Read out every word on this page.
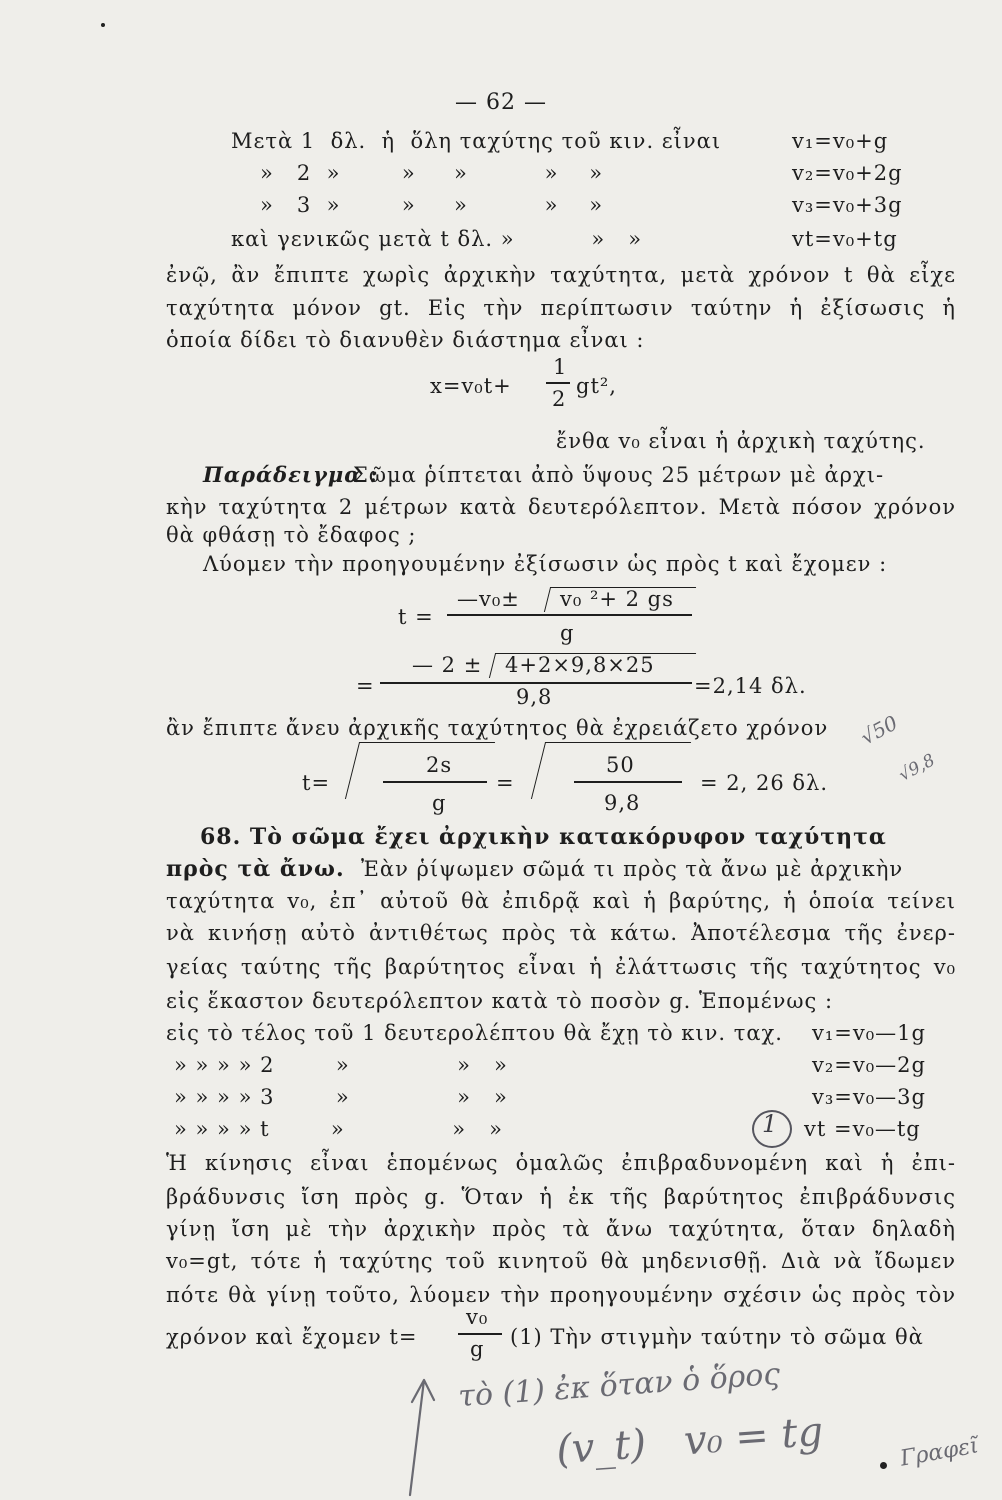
— 62 —
Μετὰ 1  δλ.  ἡ  ὅλη ταχύτης τοῦ κιν. εἶναι	v₁=v₀+g
»   2  »        »     »          »    »	v₂=v₀+2g
»   3  »        »     »          »    »	v₃=v₀+3g
καὶ γενικῶς μετὰ t δλ. »          »   »	vt=v₀+tg
ἐνῷ, ἂν ἔπιπτε χωρὶς ἀρχικὴν ταχύτητα, μετὰ χρόνον t θὰ εἶχε
ταχύτητα μόνον gt. Εἰς τὴν περίπτωσιν ταύτην ἡ ἐξίσωσις ἡ
ὁποία δίδει τὸ διανυθὲν διάστημα εἶναι :
x=v₀t+
1
2
gt²,
ἔνθα v₀ εἶναι ἡ ἀρχικὴ ταχύτης.
Παράδειγμα :
Σῶμα ῥίπτεται ἀπὸ ὕψους 25 μέτρων μὲ ἀρχι-
κὴν ταχύτητα 2 μέτρων κατὰ δευτερόλεπτον. Μετὰ πόσον χρόνον
θὰ φθάσῃ τὸ ἔδαφος ;
Λύομεν τὴν προηγουμένην ἐξίσωσιν ὡς πρὸς t καὶ ἔχομεν :
t =
—v₀± v₀ ²+ 2 gs
g
=
— 2 ± 4+2×9,8×25
9,8	=2,14 δλ.
ἂν ἔπιπτε ἄνευ ἀρχικῆς ταχύτητος θὰ ἐχρειάζετο χρόνον
t=
2s
g
=
50
9,8
= 2, 26 δλ.
68. Τὸ σῶμα ἔχει ἀρχικὴν κατακόρυφον ταχύτητα
πρὸς τὰ ἄνω. Ἐὰν ῥίψωμεν σῶμά τι πρὸς τὰ ἄνω μὲ ἀρχικὴν
ταχύτητα v₀, ἐπ᾿ αὐτοῦ θὰ ἐπιδρᾷ καὶ ἡ βαρύτης, ἡ ὁποία τείνει
νὰ κινήσῃ αὐτὸ ἀντιθέτως πρὸς τὰ κάτω. Ἀποτέλεσμα τῆς ἐνερ-
γείας ταύτης τῆς βαρύτητος εἶναι ἡ ἐλάττωσις τῆς ταχύτητος v₀
εἰς ἕκαστον δευτερόλεπτον κατὰ τὸ ποσὸν g. Ἑπομένως :
εἰς τὸ τέλος τοῦ 1 δευτερολέπτου θὰ ἔχῃ τὸ κιν. ταχ. v₁=v₀—1g
» » » » 2        »              »   »	v₂=v₀—2g
» » » » 3        »              »   »	v₃=v₀—3g
» » » » t        »              »   »	vt =v₀—tg
Ἡ κίνησις εἶναι ἑπομένως ὁμαλῶς ἐπιβραδυνομένη καὶ ἡ ἐπι-
βράδυνσις ἴση πρὸς g. Ὅταν ἡ ἐκ τῆς βαρύτητος ἐπιβράδυνσις
γίνῃ ἴση μὲ τὴν ἀρχικὴν πρὸς τὰ ἄνω ταχύτητα, ὅταν δηλαδὴ
v₀=gt, τότε ἡ ταχύτης τοῦ κινητοῦ θὰ μηδενισθῇ. Διὰ νὰ ἴδωμεν
πότε θὰ γίνῃ τοῦτο, λύομεν τὴν προηγουμένην σχέσιν ὡς πρὸς τὸν
χρόνον καὶ ἔχομεν t=
v₀
g (1) Τὴν στιγμὴν ταύτην τὸ σῶμα θὰ
√50
√9,8
1
τὸ (1) ἐκ ὅταν ὁ ὅρος
(v_t)   v₀ = tg	Γραφεῖ
